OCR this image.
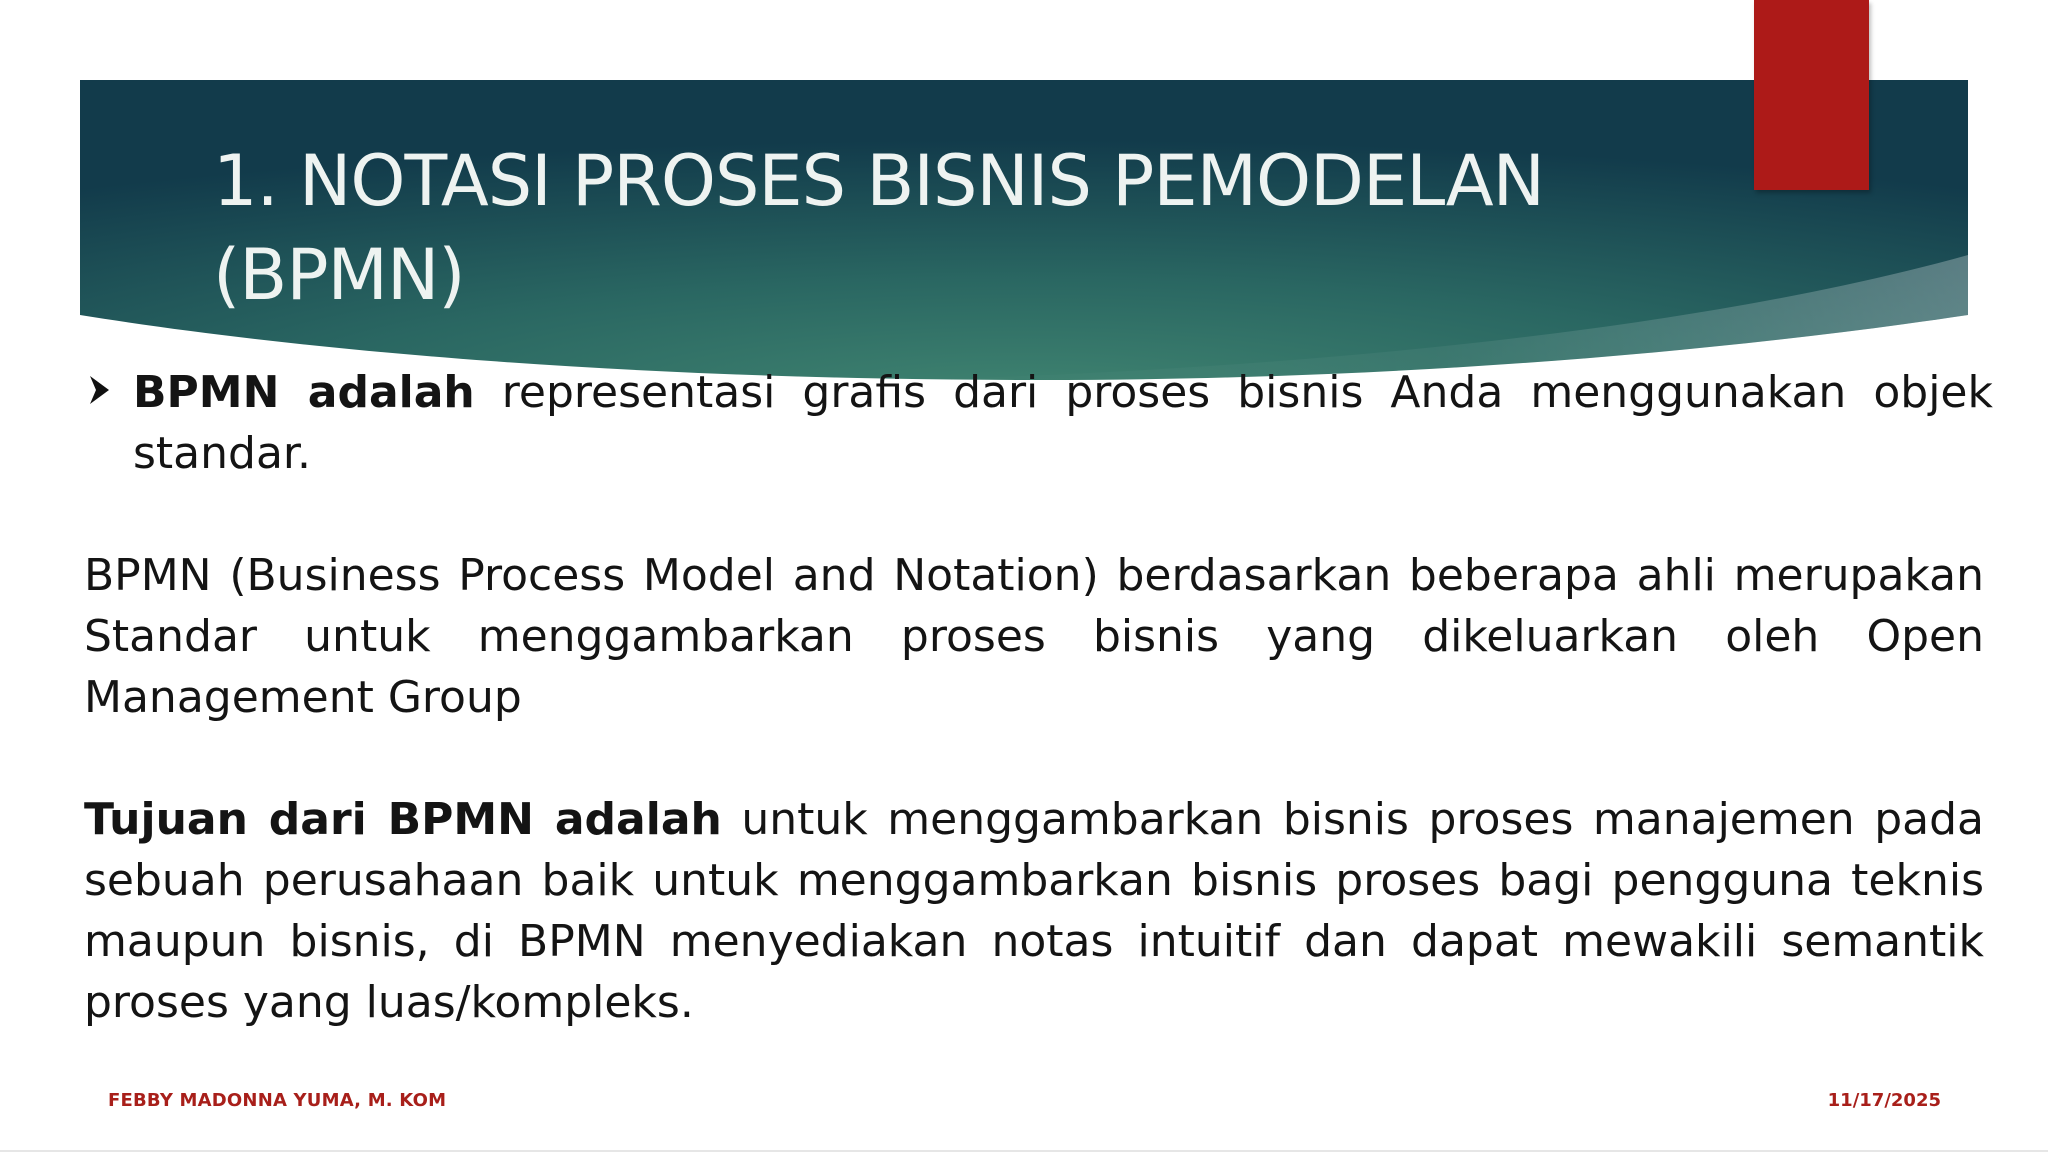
1. NOTASI PROSES BISNIS PEMODELAN (BPMN)

BPMN adalah representasi grafis dari proses bisnis Anda menggunakan objek standar.

BPMN (Business Process Model and Notation) berdasarkan beberapa ahli merupakan Standar untuk menggambarkan proses bisnis yang dikeluarkan oleh Open Management Group

Tujuan dari BPMN adalah untuk menggambarkan bisnis proses manajemen pada sebuah perusahaan baik untuk menggambarkan bisnis proses bagi pengguna teknis maupun bisnis, di BPMN menyediakan notas intuitif dan dapat mewakili semantik proses yang luas/kompleks.

FEBBY MADONNA YUMA, M. KOM	11/17/2025
